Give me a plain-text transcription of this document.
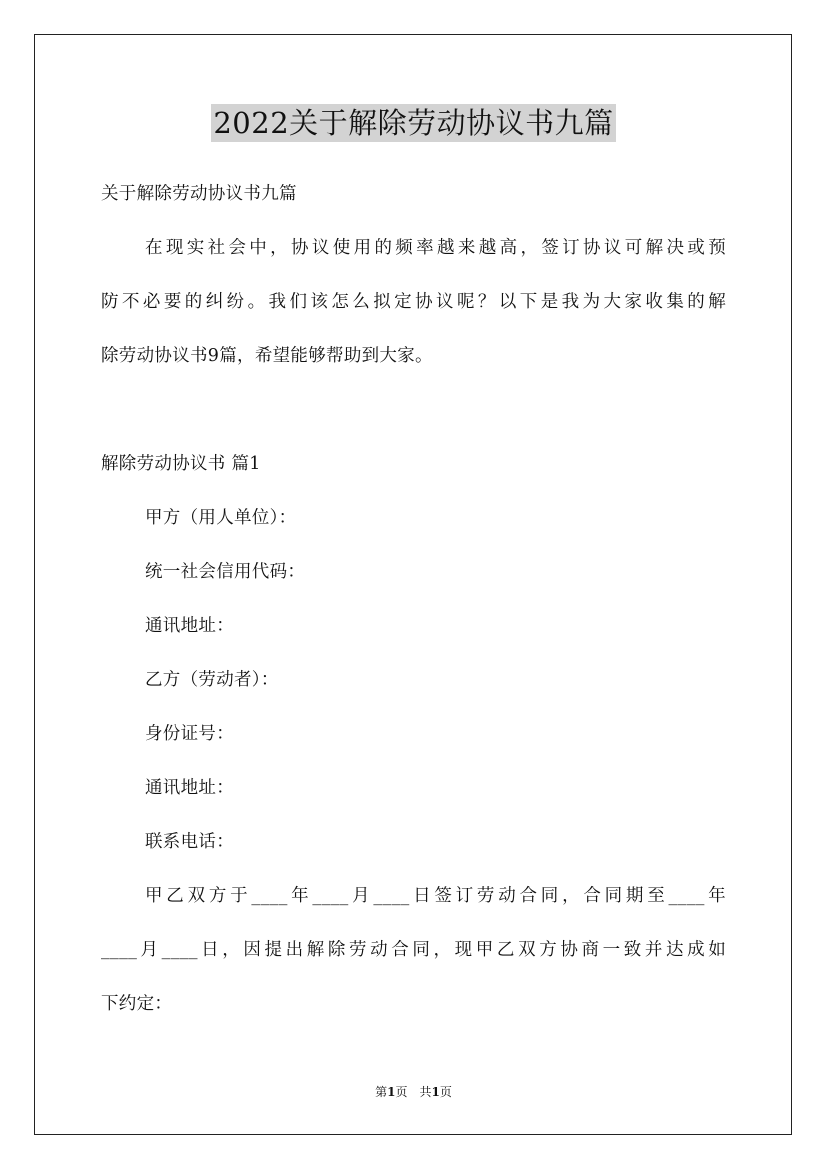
2022关于解除劳动协议书九篇
关于解除劳动协议书九篇
在现实社会中，协议使用的频率越来越高，签订协议可解决或预
防不必要的纠纷。我们该怎么拟定协议呢？以下是我为大家收集的解
除劳动协议书9篇，希望能够帮助到大家。
解除劳动协议书 篇1
甲方（用人单位）：
统一社会信用代码：
通讯地址：
乙方（劳动者）：
身份证号：
通讯地址：
联系电话：
甲乙双方于____年____月____日签订劳动合同，合同期至____年
____月____日，因提出解除劳动合同，现甲乙双方协商一致并达成如
下约定：
第1页　共1页
